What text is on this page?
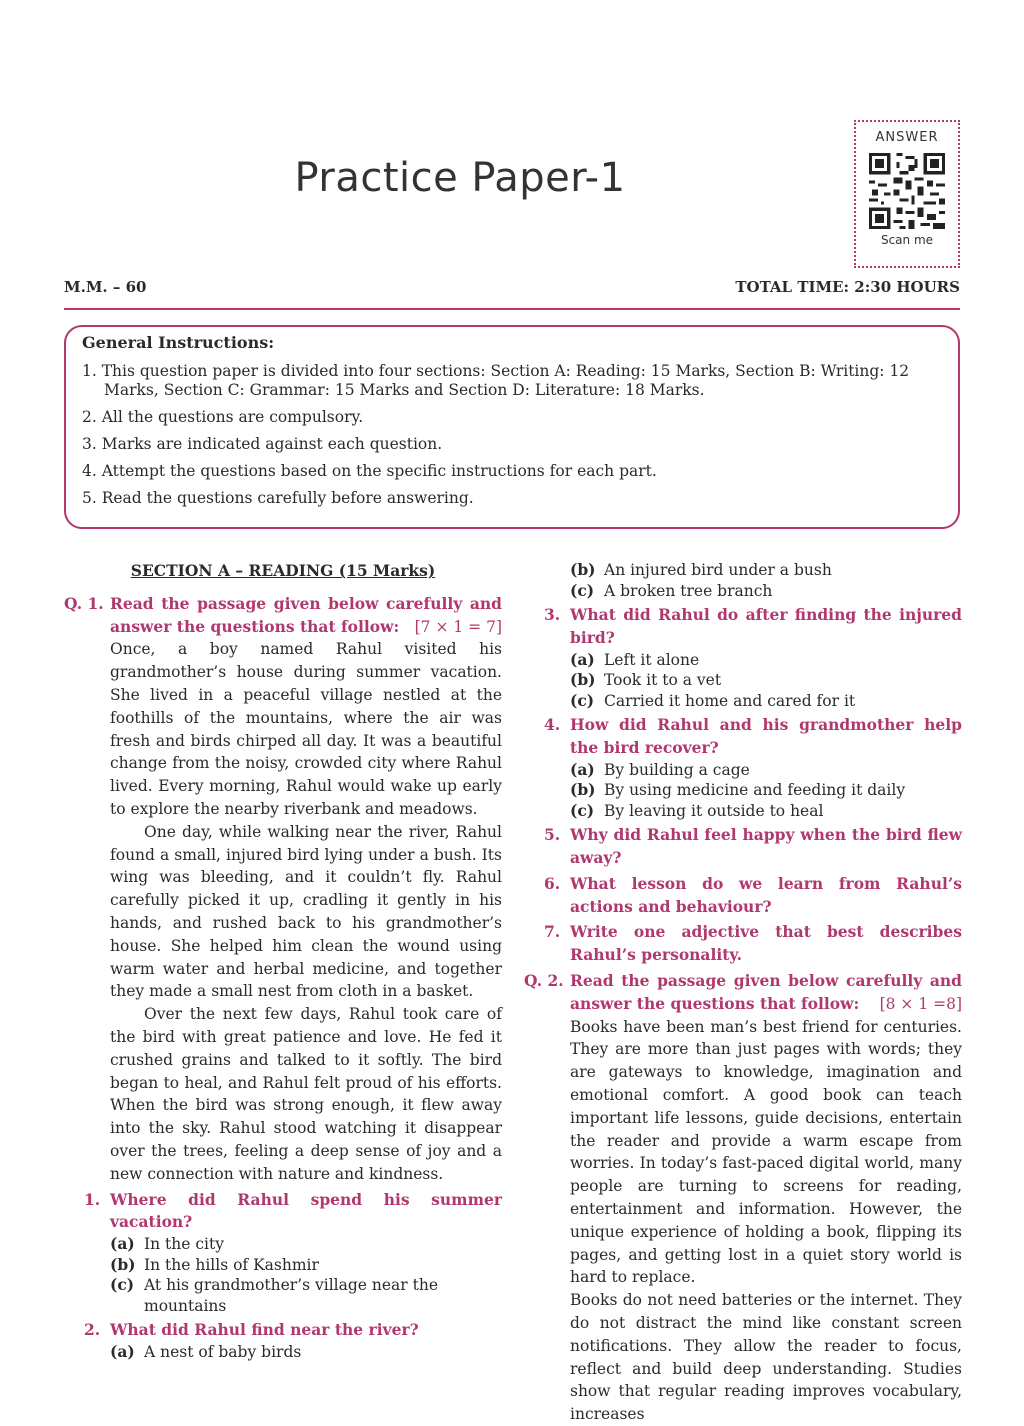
Practice Paper-1
ANSWER
Scan me
M.M. – 60	TOTAL TIME: 2:30 HOURS
General Instructions:
1. This question paper is divided into four sections: Section A: Reading: 15 Marks, Section B: Writing: 12 Marks, Section C: Grammar: 15 Marks and Section D: Literature: 18 Marks.
2. All the questions are compulsory.
3. Marks are indicated against each question.
4. Attempt the questions based on the specific instructions for each part.
5. Read the questions carefully before answering.
SECTION A – READING (15 Marks)
Q. 1. Read the passage given below carefully and answer the questions that follow: [7 × 1 = 7]
Once, a boy named Rahul visited his grandmother’s house during summer vacation. She lived in a peaceful village nestled at the foothills of the mountains, where the air was fresh and birds chirped all day. It was a beautiful change from the noisy, crowded city where Rahul lived. Every morning, Rahul would wake up early to explore the nearby riverbank and meadows.
One day, while walking near the river, Rahul found a small, injured bird lying under a bush. Its wing was bleeding, and it couldn’t fly. Rahul carefully picked it up, cradling it gently in his hands, and rushed back to his grandmother’s house. She helped him clean the wound using warm water and herbal medicine, and together they made a small nest from cloth in a basket.
Over the next few days, Rahul took care of the bird with great patience and love. He fed it crushed grains and talked to it softly. The bird began to heal, and Rahul felt proud of his efforts. When the bird was strong enough, it flew away into the sky. Rahul stood watching it disappear over the trees, feeling a deep sense of joy and a new connection with nature and kindness.
1. Where did Rahul spend his summer vacation?
(a) In the city
(b) In the hills of Kashmir
(c) At his grandmother’s village near the mountains
2. What did Rahul find near the river?
(a) A nest of baby birds
(b) An injured bird under a bush
(c) A broken tree branch
3. What did Rahul do after finding the injured bird?
(a) Left it alone
(b) Took it to a vet
(c) Carried it home and cared for it
4. How did Rahul and his grandmother help the bird recover?
(a) By building a cage
(b) By using medicine and feeding it daily
(c) By leaving it outside to heal
5. Why did Rahul feel happy when the bird flew away?
6. What lesson do we learn from Rahul’s actions and behaviour?
7. Write one adjective that best describes Rahul’s personality.
Q. 2. Read the passage given below carefully and answer the questions that follow: [8 × 1 =8]
Books have been man’s best friend for centuries. They are more than just pages with words; they are gateways to knowledge, imagination and emotional comfort. A good book can teach important life lessons, guide decisions, entertain the reader and provide a warm escape from worries. In today’s fast-paced digital world, many people are turning to screens for reading, entertainment and information. However, the unique experience of holding a book, flipping its pages, and getting lost in a quiet story world is hard to replace.
Books do not need batteries or the internet. They do not distract the mind like constant screen notifications. They allow the reader to focus, reflect and build deep understanding. Studies show that regular reading improves vocabulary, increases
